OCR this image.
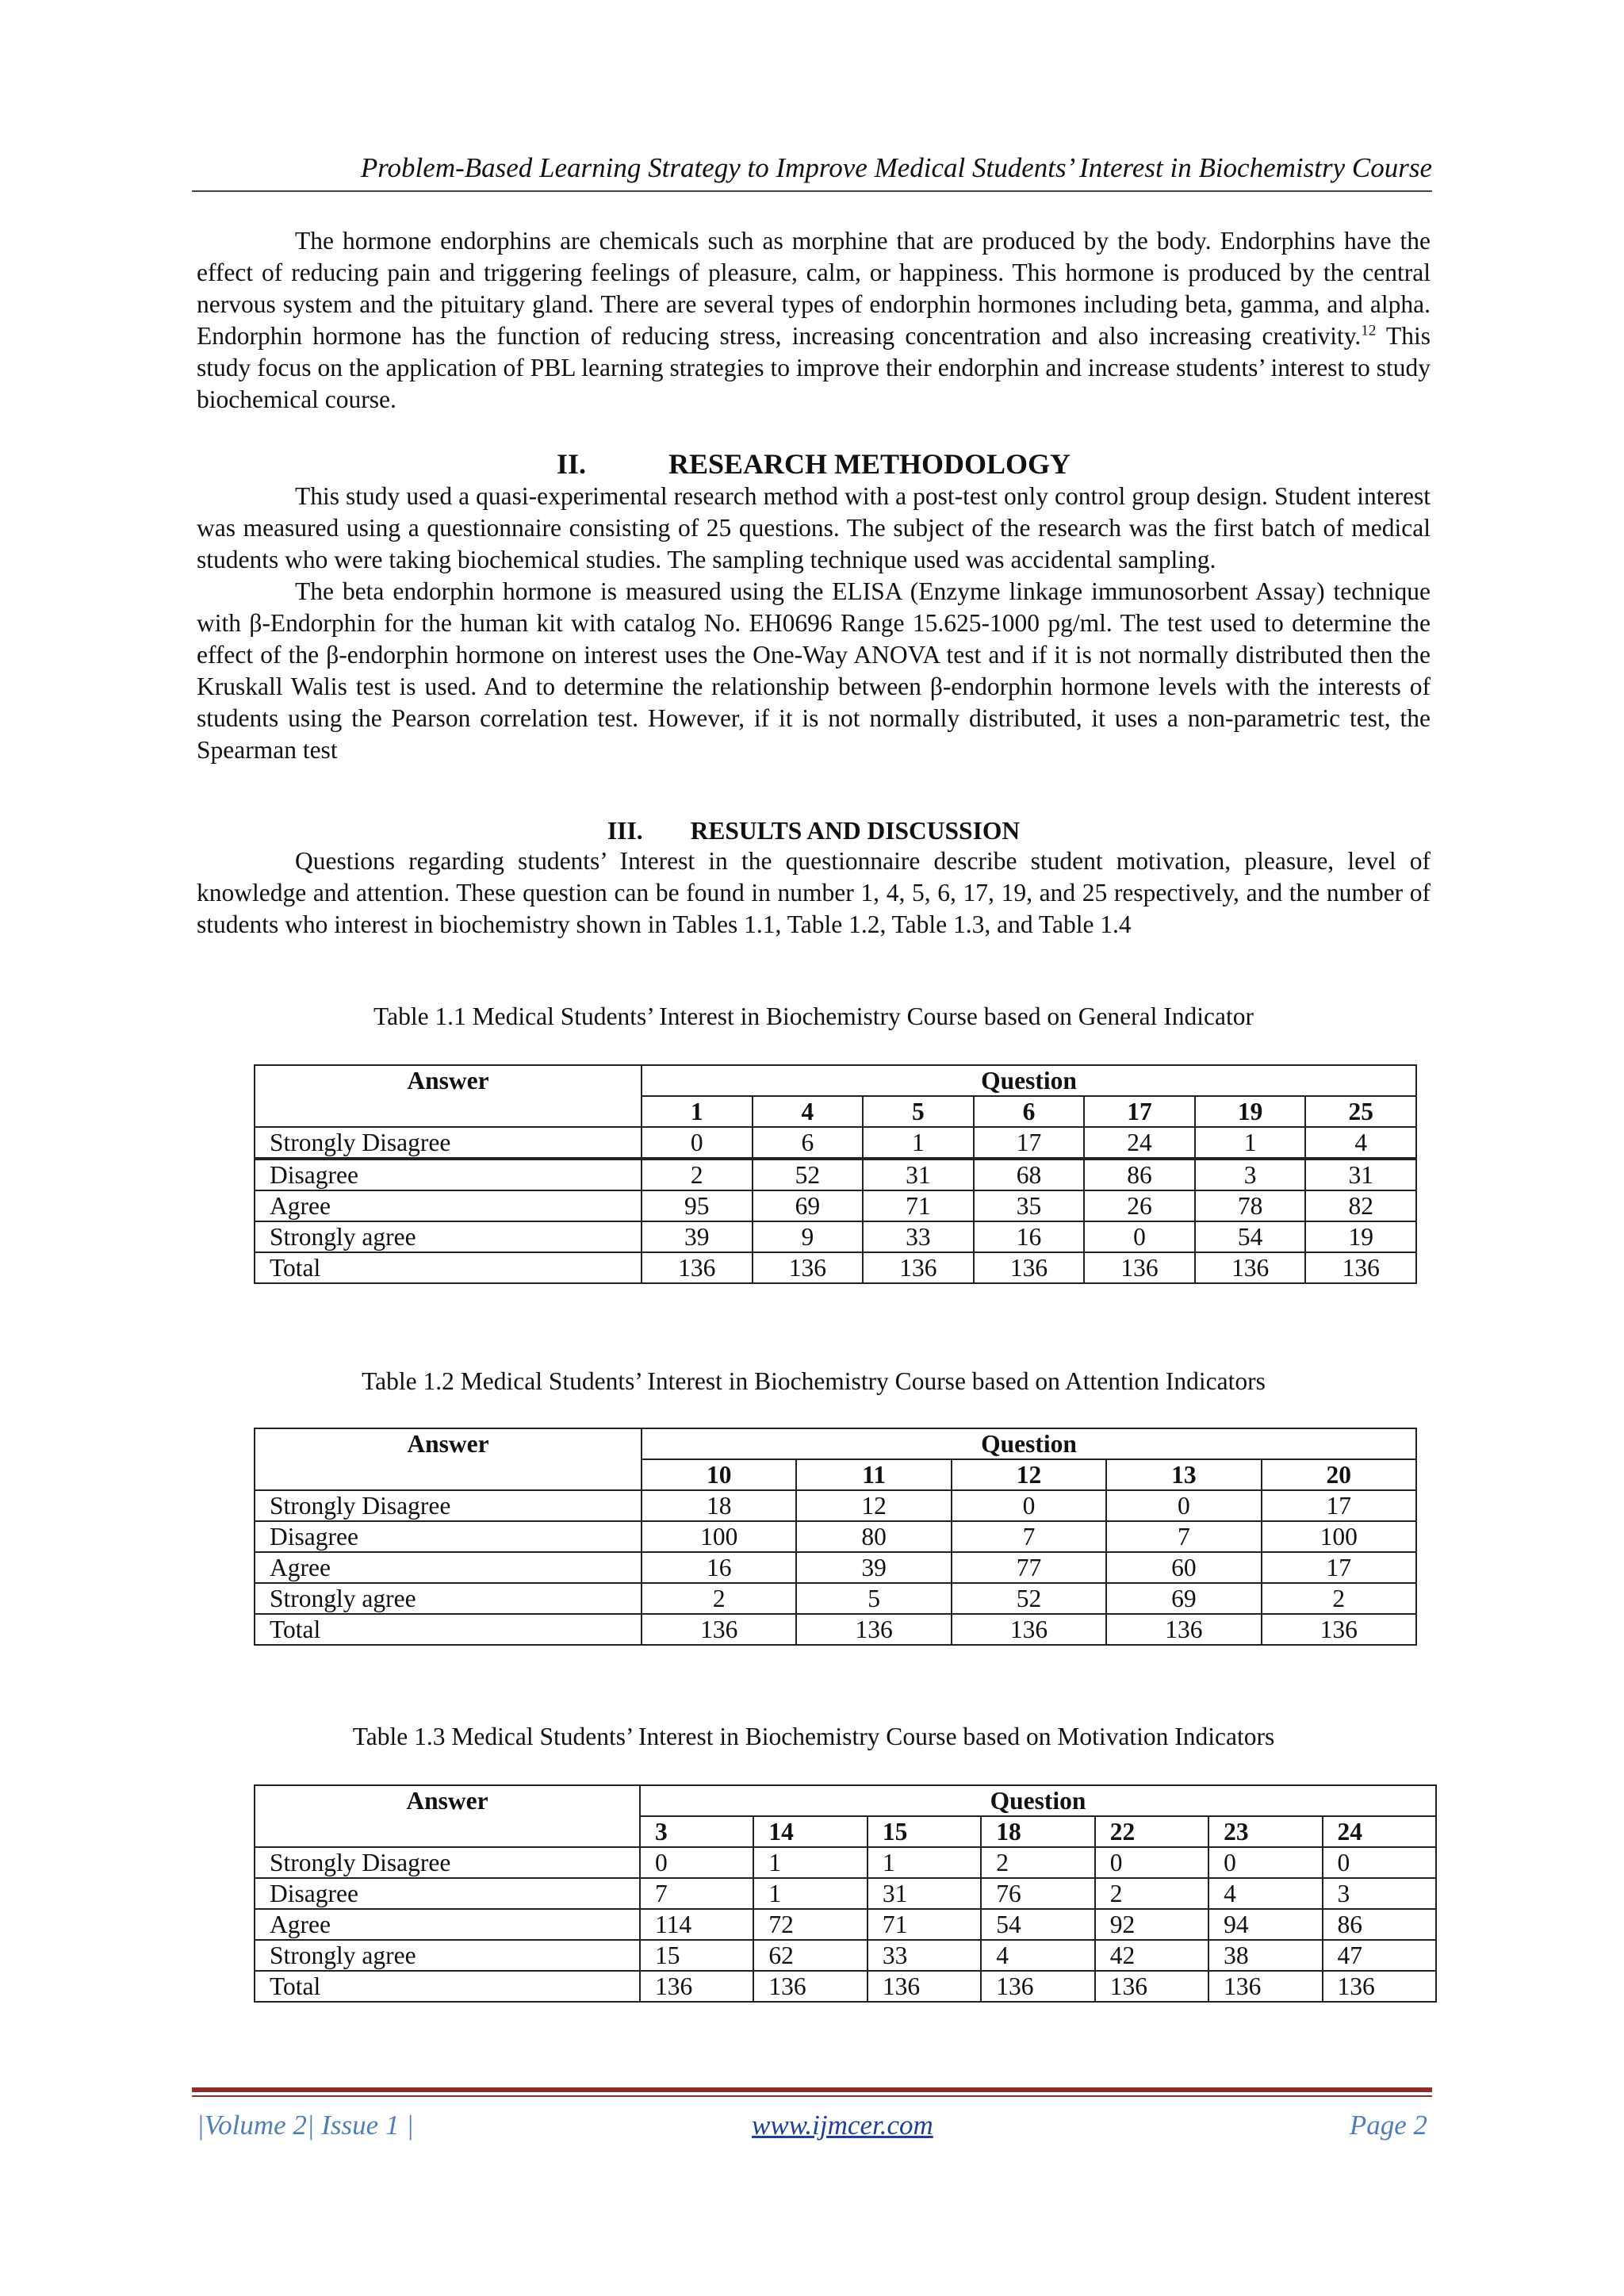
Problem-Based Learning Strategy to Improve Medical Students’ Interest in Biochemistry Course

The hormone endorphins are chemicals such as morphine that are produced by the body. Endorphins have the effect of reducing pain and triggering feelings of pleasure, calm, or happiness. This hormone is produced by the central nervous system and the pituitary gland. There are several types of endorphin hormones including beta, gamma, and alpha. Endorphin hormone has the function of reducing stress, increasing concentration and also increasing creativity.$^{12}$ This study focus on the application of PBL learning strategies to improve their endorphin and increase students’ interest to study biochemical course.

II.	RESEARCH METHODOLOGY

This study used a quasi-experimental research method with a post-test only control group design. Student interest was measured using a questionnaire consisting of 25 questions. The subject of the research was the first batch of medical students who were taking biochemical studies. The sampling technique used was accidental sampling.

The beta endorphin hormone is measured using the ELISA (Enzyme linkage immunosorbent Assay) technique with β-Endorphin for the human kit with catalog No. EH0696 Range 15.625-1000 pg/ml. The test used to determine the effect of the β-endorphin hormone on interest uses the One-Way ANOVA test and if it is not normally distributed then the Kruskall Walis test is used. And to determine the relationship between β-endorphin hormone levels with the interests of students using the Pearson correlation test. However, if it is not normally distributed, it uses a non-parametric test, the Spearman test

III. RESULTS AND DISCUSSION

Questions regarding students’ Interest in the questionnaire describe student motivation, pleasure, level of knowledge and attention. These question can be found in number 1, 4, 5, 6, 17, 19, and 25 respectively, and the number of students who interest in biochemistry shown in Tables 1.1, Table 1.2, Table 1.3, and Table 1.4

Table 1.1 Medical Students’ Interest in Biochemistry Course based on General Indicator
Answer	Question						
	1	4	5	6	17	19	25
Strongly Disagree	0	6	1	17	24	1	4
Disagree	2	52	31	68	86	3	31
Agree	95	69	71	35	26	78	82
Strongly agree	39	9	33	16	0	54	19
Total	136	136	136	136	136	136	136
Table 1.2 Medical Students’ Interest in Biochemistry Course based on Attention Indicators
Answer	Question				
	10	11	12	13	20
Strongly Disagree	18	12	0	0	17
Disagree	100	80	7	7	100
Agree	16	39	77	60	17
Strongly agree	2	5	52	69	2
Total	136	136	136	136	136
Table 1.3 Medical Students’ Interest in Biochemistry Course based on Motivation Indicators
Answer	Question						
	3	14	15	18	22	23	24
Strongly Disagree	0	1	1	2	0	0	0
Disagree	7	1	31	76	2	4	3
Agree	114	72	71	54	92	94	86
Strongly agree	15	62	33	4	42	38	47
Total	136	136	136	136	136	136	136
|Volume 2| Issue 1 |	www.ijmcer.com	Page 2
